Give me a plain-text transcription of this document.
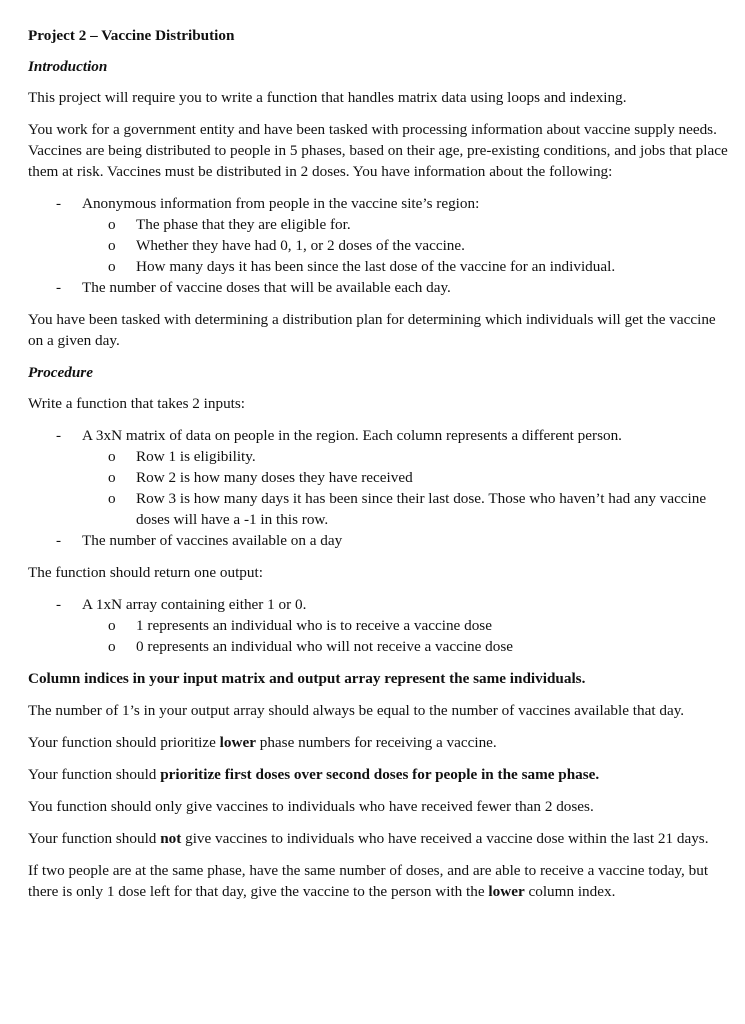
Project 2 – Vaccine Distribution
Introduction

This project will require you to write a function that handles matrix data using loops and indexing.

You work for a government entity and have been tasked with processing information about vaccine supply needs. Vaccines are being distributed to people in 5 phases, based on their age, pre-existing conditions, and jobs that place them at risk. Vaccines must be distributed in 2 doses. You have information about the following:

- Anonymous information from people in the vaccine site’s region:
o The phase that they are eligible for.
o Whether they have had 0, 1, or 2 doses of the vaccine.
o How many days it has been since the last dose of the vaccine for an individual.
- The number of vaccine doses that will be available each day.

You have been tasked with determining a distribution plan for determining which individuals will get the vaccine on a given day.

Procedure

Write a function that takes 2 inputs:

- A 3xN matrix of data on people in the region. Each column represents a different person.
o Row 1 is eligibility.
o Row 2 is how many doses they have received
o Row 3 is how many days it has been since their last dose. Those who haven’t had any vaccine doses will have a -1 in this row.
- The number of vaccines available on a day

The function should return one output:

- A 1xN array containing either 1 or 0.
o 1 represents an individual who is to receive a vaccine dose
o 0 represents an individual who will not receive a vaccine dose

Column indices in your input matrix and output array represent the same individuals.

The number of 1’s in your output array should always be equal to the number of vaccines available that day.

Your function should prioritize lower phase numbers for receiving a vaccine.

Your function should prioritize first doses over second doses for people in the same phase.

You function should only give vaccines to individuals who have received fewer than 2 doses.

Your function should not give vaccines to individuals who have received a vaccine dose within the last 21 days.

If two people are at the same phase, have the same number of doses, and are able to receive a vaccine today, but there is only 1 dose left for that day, give the vaccine to the person with the lower column index.
